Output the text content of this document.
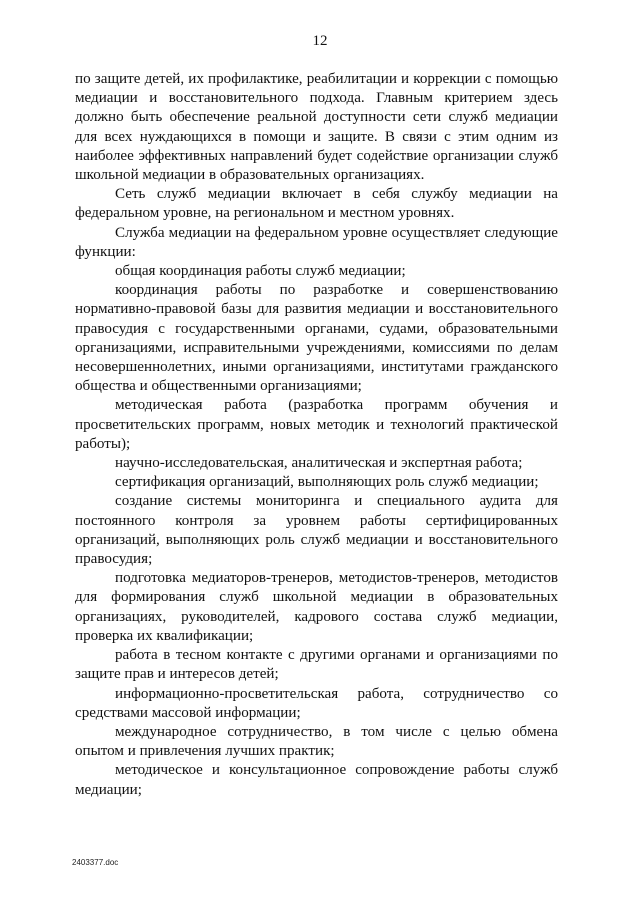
12

по защите детей, их профилактике, реабилитации и коррекции с помощью медиации и восстановительного подхода. Главным критерием здесь должно быть обеспечение реальной доступности сети служб медиации для всех нуждающихся в помощи и защите. В связи с этим одним из наиболее эффективных направлений будет содействие организации служб школьной медиации в образовательных организациях.

Сеть служб медиации включает в себя службу медиации на федеральном уровне, на региональном и местном уровнях.

Служба медиации на федеральном уровне осуществляет следующие функции:

общая координация работы служб медиации;

координация работы по разработке и совершенствованию нормативно-правовой базы для развития медиации и восстановительного правосудия с государственными органами, судами, образовательными организациями, исправительными учреждениями, комиссиями по делам несовершеннолетних, иными организациями, институтами гражданского общества и общественными организациями;

методическая работа (разработка программ обучения и просветительских программ, новых методик и технологий практической работы);

научно-исследовательская, аналитическая и экспертная работа;

сертификация организаций, выполняющих роль служб медиации;

создание системы мониторинга и специального аудита для постоянного контроля за уровнем работы сертифицированных организаций, выполняющих роль служб медиации и восстановительного правосудия;

подготовка медиаторов-тренеров, методистов-тренеров, методистов для формирования служб школьной медиации в образовательных организациях, руководителей, кадрового состава служб медиации, проверка их квалификации;

работа в тесном контакте с другими органами и организациями по защите прав и интересов детей;

информационно-просветительская работа, сотрудничество со средствами массовой информации;

международное сотрудничество, в том числе с целью обмена опытом и привлечения лучших практик;

методическое и консультационное сопровождение работы служб медиации;

2403377.doc
